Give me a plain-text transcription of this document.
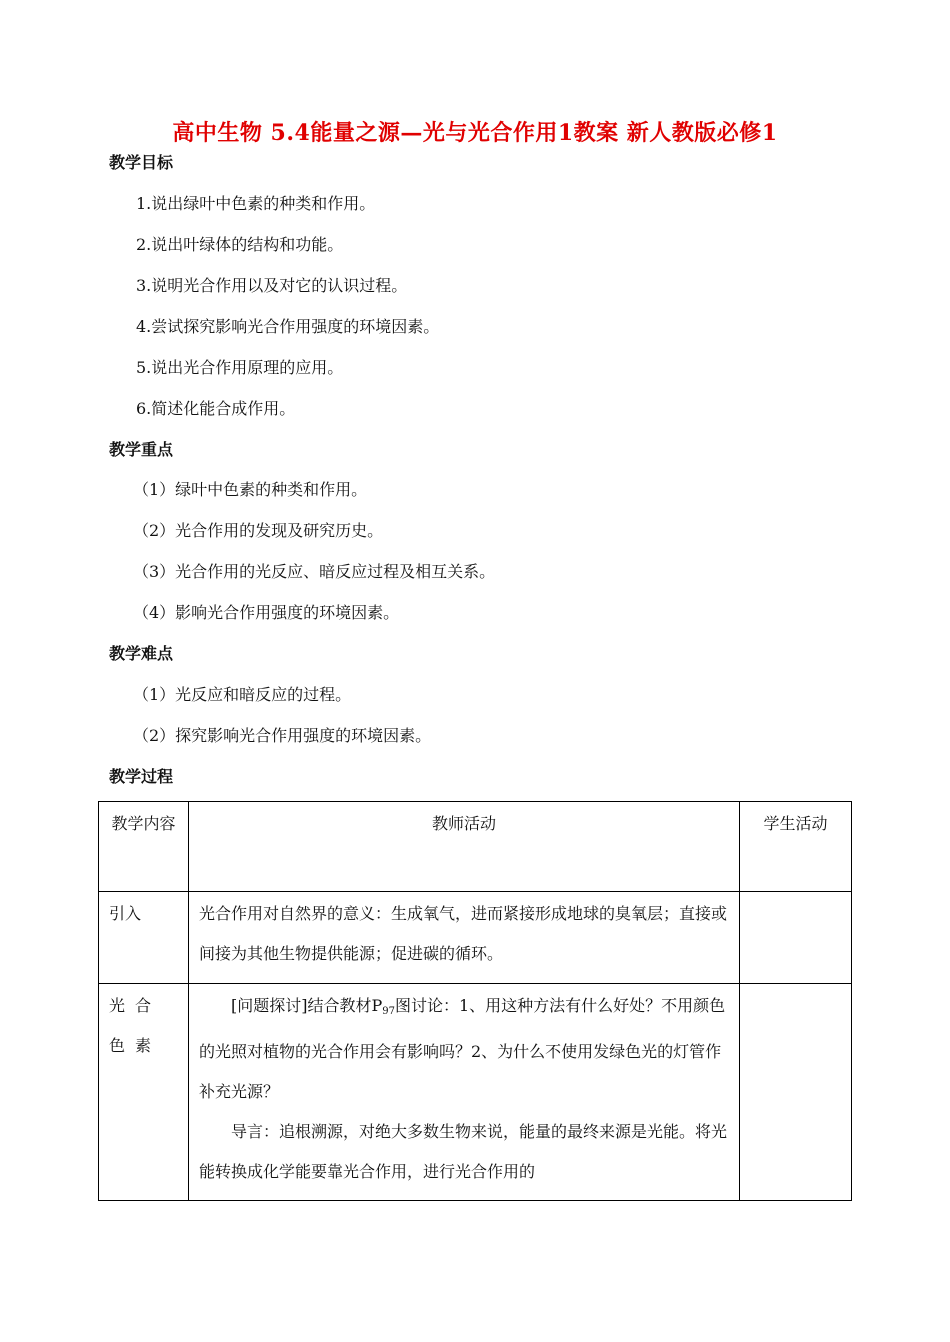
高中生物 5.4能量之源—光与光合作用1教案 新人教版必修1
教学目标
1.说出绿叶中色素的种类和作用。
2.说出叶绿体的结构和功能。
3.说明光合作用以及对它的认识过程。
4.尝试探究影响光合作用强度的环境因素。
5.说出光合作用原理的应用。
6.简述化能合成作用。
教学重点
（1）绿叶中色素的种类和作用。
（2）光合作用的发现及研究历史。
（3）光合作用的光反应、暗反应过程及相互关系。
（4）影响光合作用强度的环境因素。
教学难点
（1）光反应和暗反应的过程。
（2）探究影响光合作用强度的环境因素。
教学过程
教学内容	教师活动	学生活动
引入	光合作用对自然界的意义：生成氧气，进而紧接形成地球的臭氧层；直接或间接为其他生物提供能源；促进碳的循环。	
光合色素	[问题探讨]结合教材$P_{97}$图讨论：1、用这种方法有什么好处？不用颜色的光照对植物的光合作用会有影响吗？2、为什么不使用发绿色光的灯管作补充光源？
导言：追根溯源，对绝大多数生物来说，能量的最终来源是光能。将光能转换成化学能要靠光合作用，进行光合作用的	
